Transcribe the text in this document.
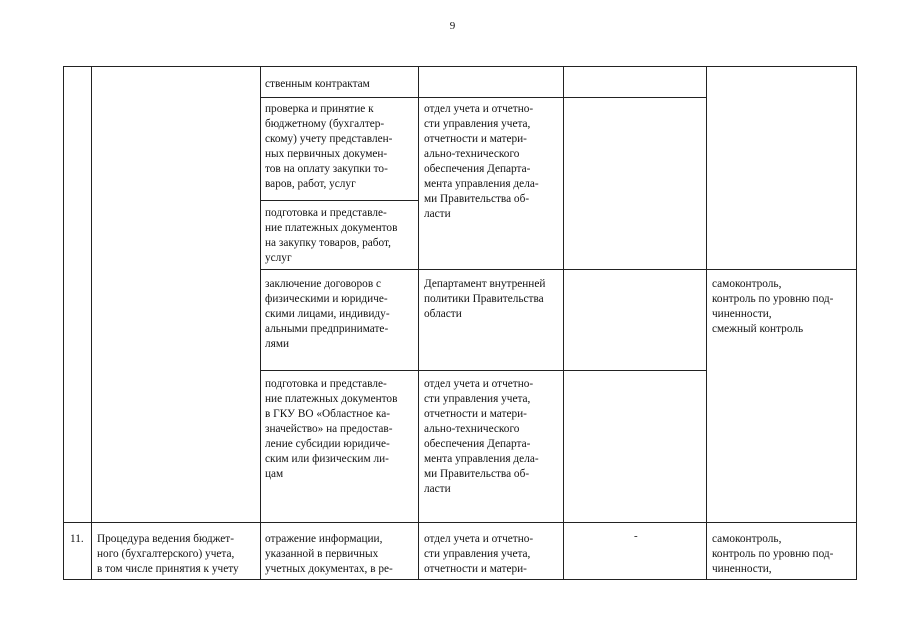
9
ственным контрактам
проверка и принятие к
бюджетному (бухгалтер-
скому) учету представлен-
ных первичных докумен-
тов на оплату закупки то-
варов, работ, услуг
отдел учета и отчетно-
сти управления учета,
отчетности и матери-
ально-технического
обеспечения Департа-
мента управления дела-
ми Правительства об-
ласти
подготовка и представле-
ние платежных документов
на закупку товаров, работ,
услуг
заключение договоров с
физическими и юридиче-
скими лицами, индивиду-
альными предпринимате-
лями
Департамент внутренней
политики Правительства
области
самоконтроль,
контроль по уровню под-
чиненности,
смежный контроль
подготовка и представле-
ние платежных документов
в ГКУ ВО «Областное ка-
значейство» на предостав-
ление субсидии юридиче-
ским или физическим ли-
цам
отдел учета и отчетно-
сти управления учета,
отчетности и матери-
ально-технического
обеспечения Департа-
мента управления дела-
ми Правительства об-
ласти
11. Процедура ведения бюджет-
ного (бухгалтерского) учета,
в том числе принятия к учету
отражение информации,
указанной в первичных
учетных документах, в ре-
отдел учета и отчетно-
сти управления учета,
отчетности и матери-
-	самоконтроль,
контроль по уровню под-
чиненности,
